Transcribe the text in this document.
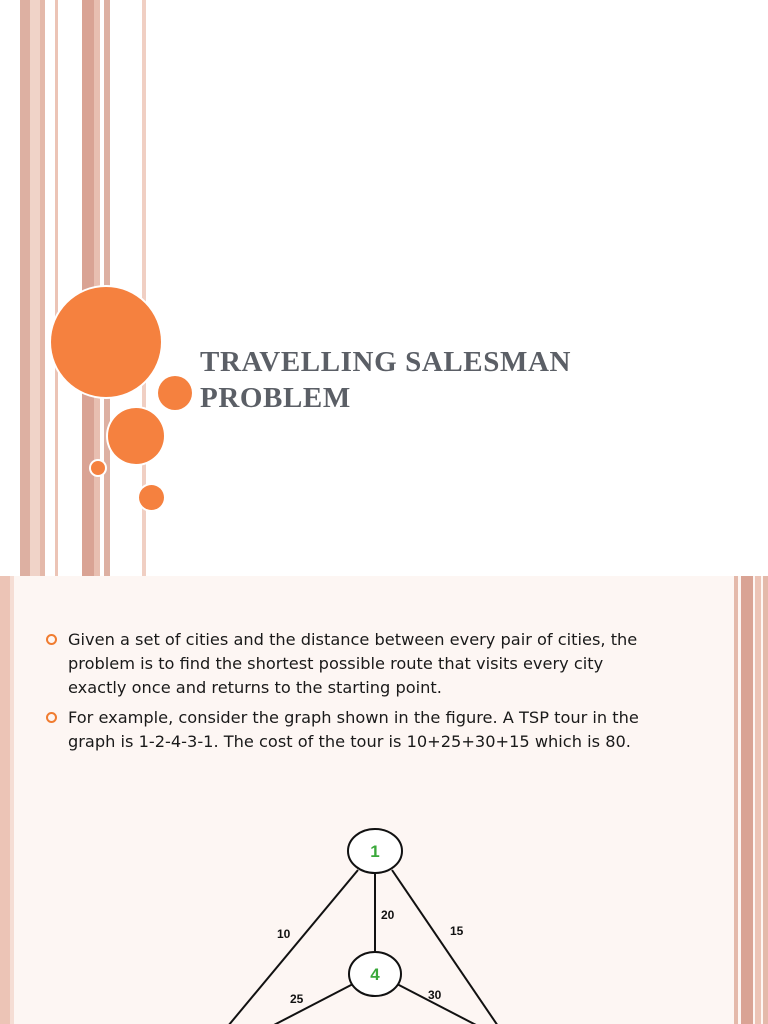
TRAVELLING SALESMAN PROBLEM
Given a set of cities and the distance between every pair of cities, the problem is to find the shortest possible route that visits every city exactly once and returns to the starting point.
For example, consider the graph shown in the figure. A TSP tour in the graph is 1-2-4-3-1. The cost of the tour is 10+25+30+15 which is 80.
1
4
10
20
15
25	30
